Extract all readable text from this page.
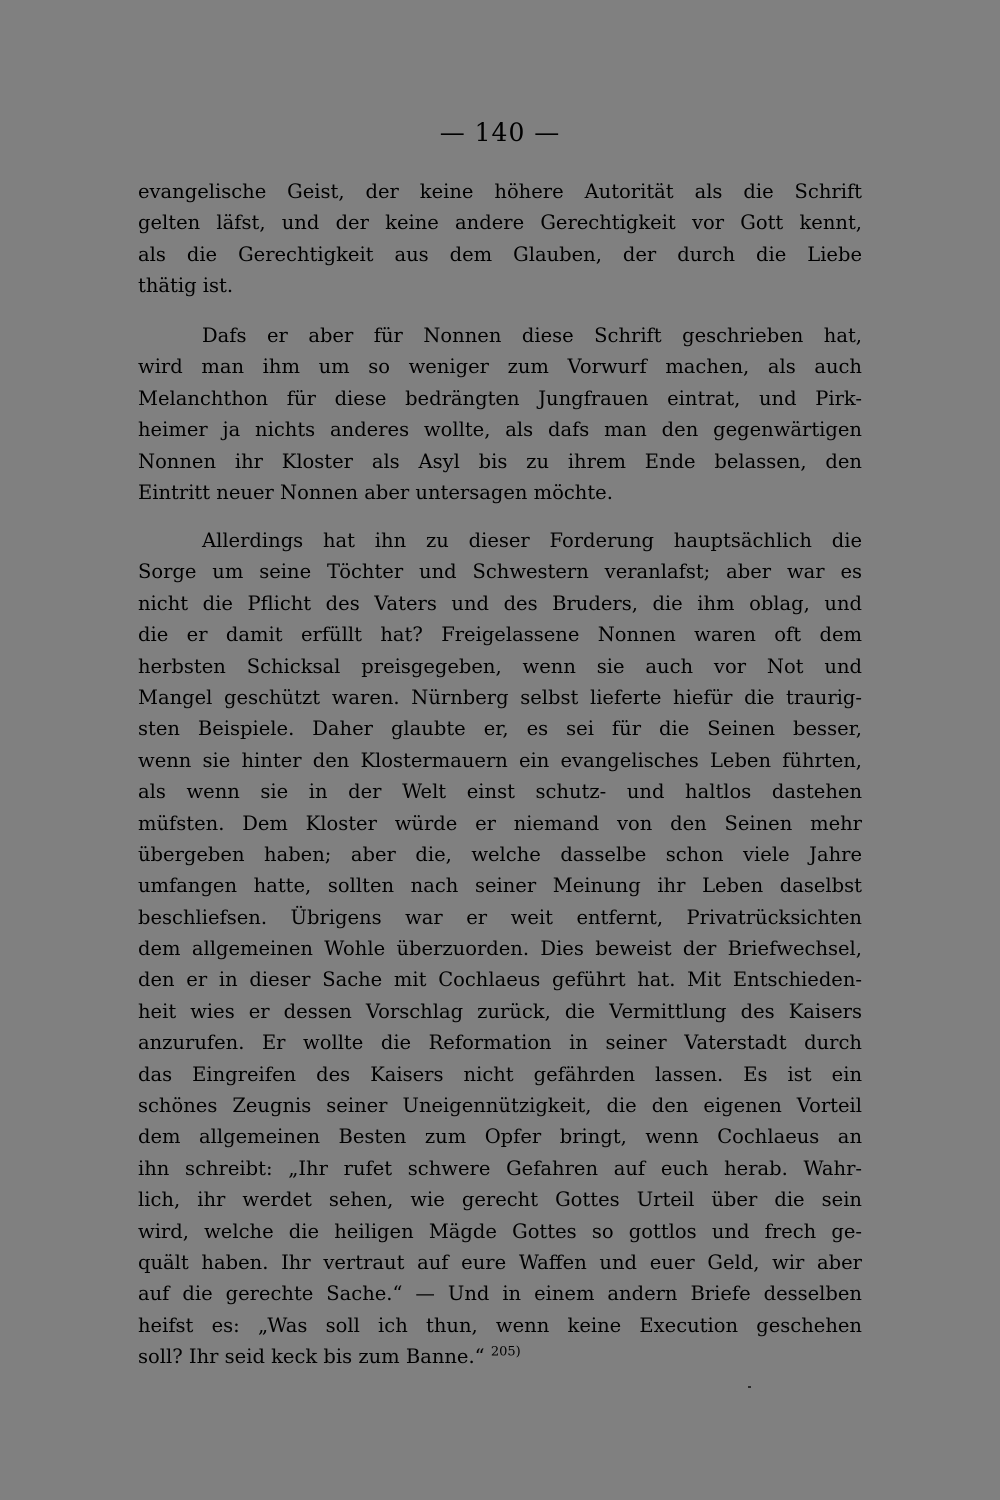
— 140 —
evangelische Geist, der keine höhere Autorität als die Schrift
gelten läfst, und der keine andere Gerechtigkeit vor Gott kennt,
als die Gerechtigkeit aus dem Glauben, der durch die Liebe
thätig ist.
Dafs er aber für Nonnen diese Schrift geschrieben hat,
wird man ihm um so weniger zum Vorwurf machen, als auch
Melanchthon für diese bedrängten Jungfrauen eintrat, und Pirk-
heimer ja nichts anderes wollte, als dafs man den gegenwärtigen
Nonnen ihr Kloster als Asyl bis zu ihrem Ende belassen, den
Eintritt neuer Nonnen aber untersagen möchte.
Allerdings hat ihn zu dieser Forderung hauptsächlich die
Sorge um seine Töchter und Schwestern veranlafst; aber war es
nicht die Pflicht des Vaters und des Bruders, die ihm oblag, und
die er damit erfüllt hat? Freigelassene Nonnen waren oft dem
herbsten Schicksal preisgegeben, wenn sie auch vor Not und
Mangel geschützt waren. Nürnberg selbst lieferte hiefür die traurig-
sten Beispiele. Daher glaubte er, es sei für die Seinen besser,
wenn sie hinter den Klostermauern ein evangelisches Leben führten,
als wenn sie in der Welt einst schutz- und haltlos dastehen
müfsten. Dem Kloster würde er niemand von den Seinen mehr
übergeben haben; aber die, welche dasselbe schon viele Jahre
umfangen hatte, sollten nach seiner Meinung ihr Leben daselbst
beschliefsen. Übrigens war er weit entfernt, Privatrücksichten
dem allgemeinen Wohle überzuorden. Dies beweist der Briefwechsel,
den er in dieser Sache mit Cochlaeus geführt hat. Mit Entschieden-
heit wies er dessen Vorschlag zurück, die Vermittlung des Kaisers
anzurufen. Er wollte die Reformation in seiner Vaterstadt durch
das Eingreifen des Kaisers nicht gefährden lassen. Es ist ein
schönes Zeugnis seiner Uneigennützigkeit, die den eigenen Vorteil
dem allgemeinen Besten zum Opfer bringt, wenn Cochlaeus an
ihn schreibt: „Ihr rufet schwere Gefahren auf euch herab. Wahr-
lich, ihr werdet sehen, wie gerecht Gottes Urteil über die sein
wird, welche die heiligen Mägde Gottes so gottlos und frech ge-
quält haben. Ihr vertraut auf eure Waffen und euer Geld, wir aber
auf die gerechte Sache.“ — Und in einem andern Briefe desselben
heifst es: „Was soll ich thun, wenn keine Execution geschehen
soll? Ihr seid keck bis zum Banne.“ $^{205)}$
